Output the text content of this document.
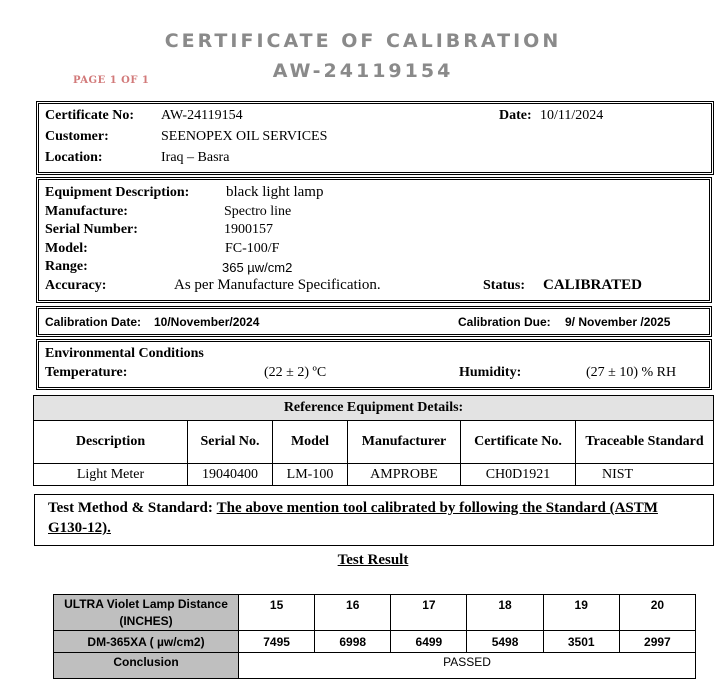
CERTIFICATE OF CALIBRATION
AW-24119154
PAGE 1 OF 1
Certificate No: AW-24119154	Date: 10/11/2024
Customer:	SEENOPEX OIL SERVICES
Location:	Iraq – Basra
Equipment Description: black light lamp
Manufacture:	Spectro line
Serial Number:	1900157
Model:	FC-100/F
Range:	365 µw/cm2
Accuracy:	As per Manufacture Specification.	Status: CALIBRATED
Calibration Date: 10/November/2024	Calibration Due: 9/ November /2025
Environmental Conditions
Temperature:	(22 ± 2) ºC	Humidity:	(27 ± 10) % RH
Reference Equipment Details:					
Description	Serial No.	Model	Manufacturer	Certificate No.	Traceable Standard
Light Meter	19040400	LM-100	AMPROBE	CH0D1921	NIST
Test Method & Standard: The above mention tool calibrated by following the Standard (ASTM G130-12).
Test Result
ULTRA Violet Lamp Distance (INCHES)	15	16	17	18	19	20
DM-365XA ( µw/cm2)	7495	6998	6499	5498	3501	2997
Conclusion	PASSED					
